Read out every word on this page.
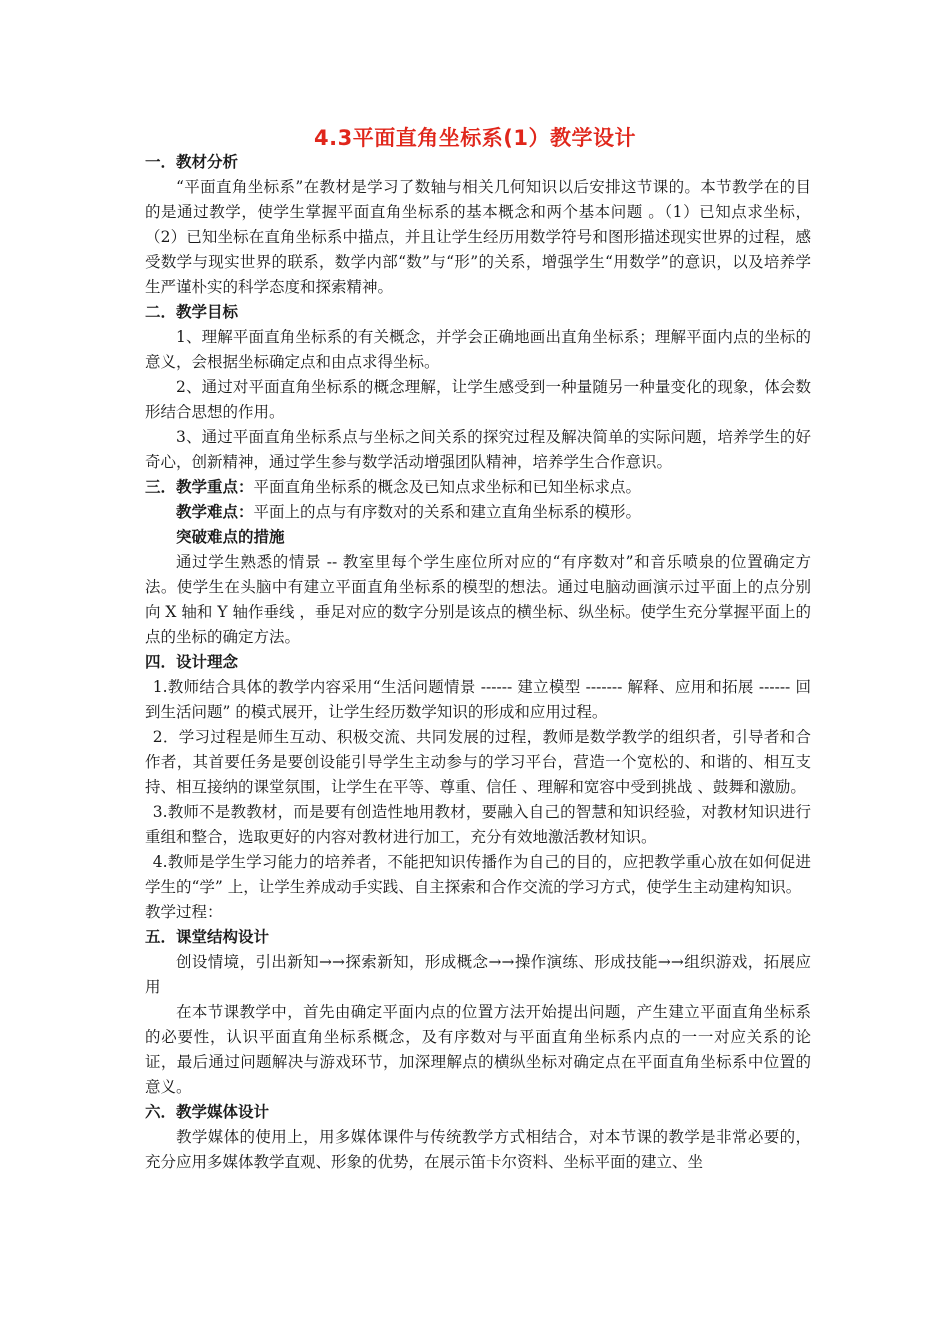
4.3平面直角坐标系(1）教学设计

一．教材分析

“平面直角坐标系”在教材是学习了数轴与相关几何知识以后安排这节课的。本节教学在的目的是通过教学，使学生掌握平面直角坐标系的基本概念和两个基本问题 。（1）已知点求坐标，（2）已知坐标在直角坐标系中描点，并且让学生经历用数学符号和图形描述现实世界的过程，感受数学与现实世界的联系，数学内部“数”与“形”的关系，增强学生“用数学”的意识，以及培养学生严谨朴实的科学态度和探索精神。

二．教学目标

1、理解平面直角坐标系的有关概念，并学会正确地画出直角坐标系；理解平面内点的坐标的意义，会根据坐标确定点和由点求得坐标。

2、通过对平面直角坐标系的概念理解，让学生感受到一种量随另一种量变化的现象，体会数形结合思想的作用。

3、通过平面直角坐标系点与坐标之间关系的探究过程及解决简单的实际问题，培养学生的好奇心，创新精神，通过学生参与数学活动增强团队精神，培养学生合作意识。

三．教学重点：平面直角坐标系的概念及已知点求坐标和已知坐标求点。

教学难点：平面上的点与有序数对的关系和建立直角坐标系的模形。

突破难点的措施

通过学生熟悉的情景 -- 教室里每个学生座位所对应的“有序数对”和音乐喷泉的位置确定方法。使学生在头脑中有建立平面直角坐标系的模型的想法。通过电脑动画演示过平面上的点分别向 X 轴和 Y 轴作垂线 ，垂足对应的数字分别是该点的横坐标、纵坐标。使学生充分掌握平面上的点的坐标的确定方法。

四．设计理念

1.教师结合具体的教学内容采用“生活问题情景 ------ 建立模型 ------- 解释、应用和拓展 ------ 回到生活问题” 的模式展开，让学生经历数学知识的形成和应用过程。

2．学习过程是师生互动、积极交流、共同发展的过程，教师是数学教学的组织者，引导者和合作者，其首要任务是要创设能引导学生主动参与的学习平台，营造一个宽松的、和谐的、相互支持、相互接纳的课堂氛围，让学生在平等、尊重、信任 、理解和宽容中受到挑战 、鼓舞和激励。

3.教师不是教教材，而是要有创造性地用教材，要融入自己的智慧和知识经验，对教材知识进行重组和整合，选取更好的内容对教材进行加工，充分有效地激活教材知识。

4.教师是学生学习能力的培养者，不能把知识传播作为自己的目的，应把教学重心放在如何促进学生的“学” 上，让学生养成动手实践、自主探索和合作交流的学习方式，使学生主动建构知识。

教学过程：

五．课堂结构设计

创设情境，引出新知→→探索新知，形成概念→→操作演练、形成技能→→组织游戏，拓展应用

在本节课教学中，首先由确定平面内点的位置方法开始提出问题，产生建立平面直角坐标系的必要性，认识平面直角坐标系概念，及有序数对与平面直角坐标系内点的一一对应关系的论证，最后通过问题解决与游戏环节，加深理解点的横纵坐标对确定点在平面直角坐标系中位置的意义。

六．教学媒体设计

教学媒体的使用上，用多媒体课件与传统教学方式相结合，对本节课的教学是非常必要的，充分应用多媒体教学直观、形象的优势，在展示笛卡尔资料、坐标平面的建立、坐
